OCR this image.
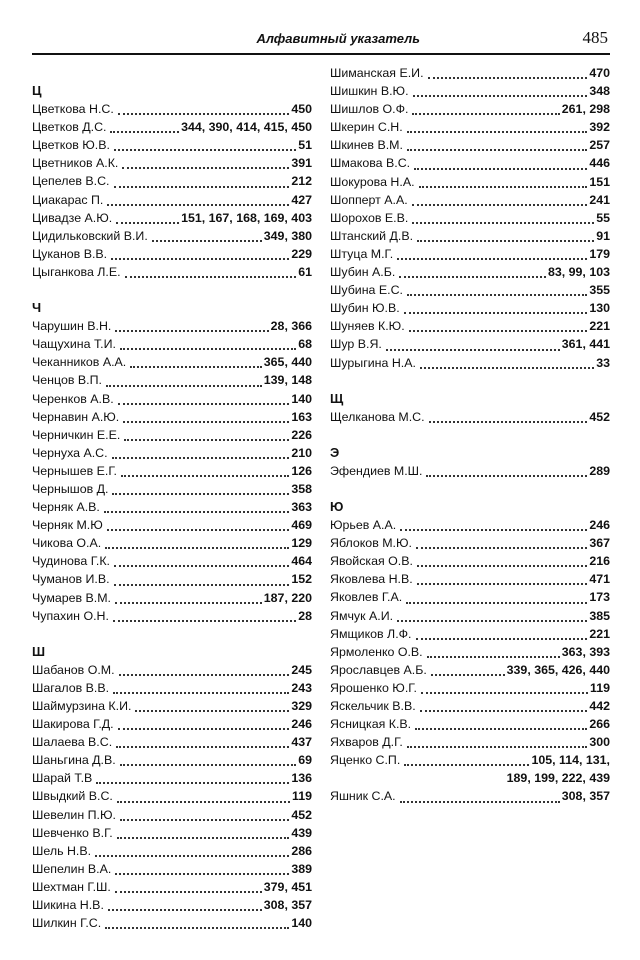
Алфавитный указатель	485
Ц
Цветкова Н.С.	450
Цветков Д.С.	344, 390, 414, 415, 450
Цветков Ю.В.	51
Цветников А.К.	391
Цепелев В.С.	212
Циакарас П.	427
Цивадзе А.Ю.	151, 167, 168, 169, 403
Цидильковский В.И.	349, 380
Цуканов В.В.	229
Цыганкова Л.Е.	61
Ч
Чарушин В.Н.	28, 366
Чащухина Т.И.	68
Чеканников А.А.	365, 440
Ченцов В.П.	139, 148
Черенков А.В.	140
Чернавин А.Ю.	163
Черничкин Е.Е.	226
Чернуха А.С.	210
Чернышев Е.Г.	126
Чернышов Д.	358
Черняк А.В.	363
Черняк М.Ю	469
Чикова О.А.	129
Чудинова Г.К.	464
Чуманов И.В.	152
Чумарев В.М.	187, 220
Чупахин О.Н.	28
Ш
Шабанов О.М.	245
Шагалов В.В.	243
Шаймурзина К.И.	329
Шакирова Г.Д.	246
Шалаева В.С.	437
Шаньгина Д.В.	69
Шарай Т.В	136
Швыдкий В.С.	119
Шевелин П.Ю.	452
Шевченко В.Г.	439
Шель Н.В.	286
Шепелин В.А.	389
Шехтман Г.Ш.	379, 451
Шикина Н.В.	308, 357
Шилкин Г.С.	140
Шиманская Е.И.	470
Шишкин В.Ю.	348
Шишлов О.Ф.	261, 298
Шкерин С.Н.	392
Шкинев В.М.	257
Шмакова В.С.	446
Шокурова Н.А.	151
Шопперт А.А.	241
Шорохов Е.В.	55
Штанский Д.В.	91
Штуца М.Г.	179
Шубин А.Б.	83, 99, 103
Шубина Е.С.	355
Шубин Ю.В.	130
Шуняев К.Ю.	221
Шур В.Я.	361, 441
Шурыгина Н.А.	33
Щ
Щелканова М.С.	452
Э
Эфендиев М.Ш.	289
Ю
Юрьев А.А.	246
Яблоков М.Ю.	367
Явойская О.В.	216
Яковлева Н.В.	471
Яковлев Г.А.	173
Ямчук А.И.	385
Ямщиков Л.Ф.	221
Ярмоленко О.В.	363, 393
Ярославцев А.Б.	339, 365, 426, 440
Ярошенко Ю.Г.	119
Яскельчик В.В.	442
Ясницкая К.В.	266
Яхваров Д.Г.	300
Яценко С.П.	105, 114, 131,
189, 199, 222, 439
Яшник С.А.	308, 357
